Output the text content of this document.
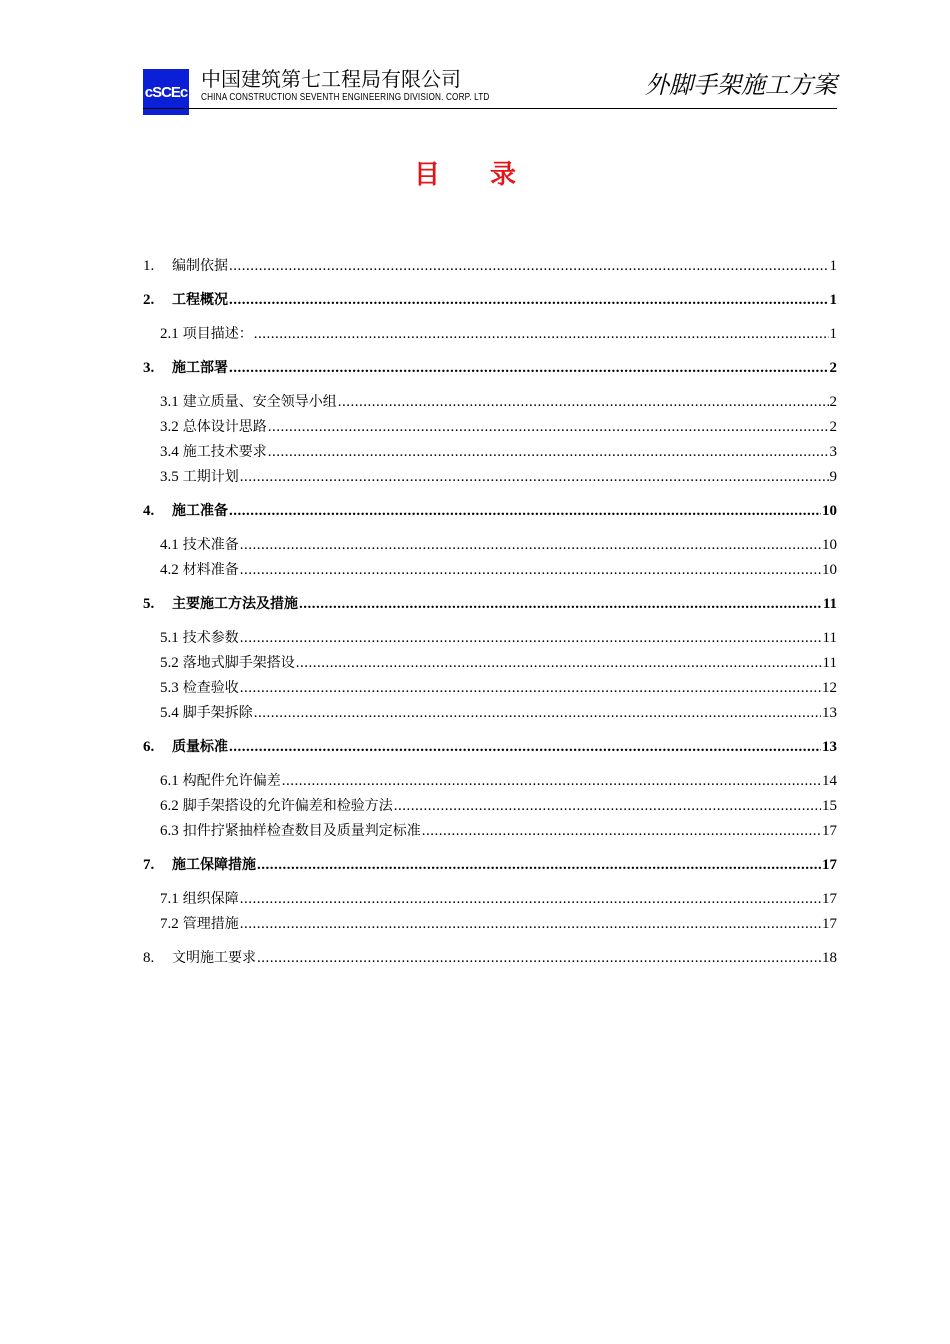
cSCEc
中国建筑第七工程局有限公司
CHINA CONSTRUCTION SEVENTH ENGINEERING DIVISION. CORP. LTD	外脚手架施工方案
目录
1.	编制依据 .....	1
2.	工程概况 .....	1
2.1 项目描述： .....	1
3.	施工部署 .....	2
3.1 建立质量、安全领导小组 .....	2
3.2 总体设计思路 .....	2
3.4 施工技术要求 .....	3
3.5 工期计划 .....	9
4.	施工准备 .....	10
4.1 技术准备 .....	10
4.2 材料准备 .....	10
5.	主要施工方法及措施 .....	11
5.1 技术参数 .....	11
5.2 落地式脚手架搭设 .....	11
5.3 检查验收 .....	12
5.4 脚手架拆除 .....	13
6.	质量标准 .....	13
6.1 构配件允许偏差 .....	14
6.2 脚手架搭设的允许偏差和检验方法 .....	15
6.3 扣件拧紧抽样检查数目及质量判定标准 .....	17
7.	施工保障措施 .....	17
7.1 组织保障 .....	17
7.2 管理措施 .....	17
8.	文明施工要求 .....	18
